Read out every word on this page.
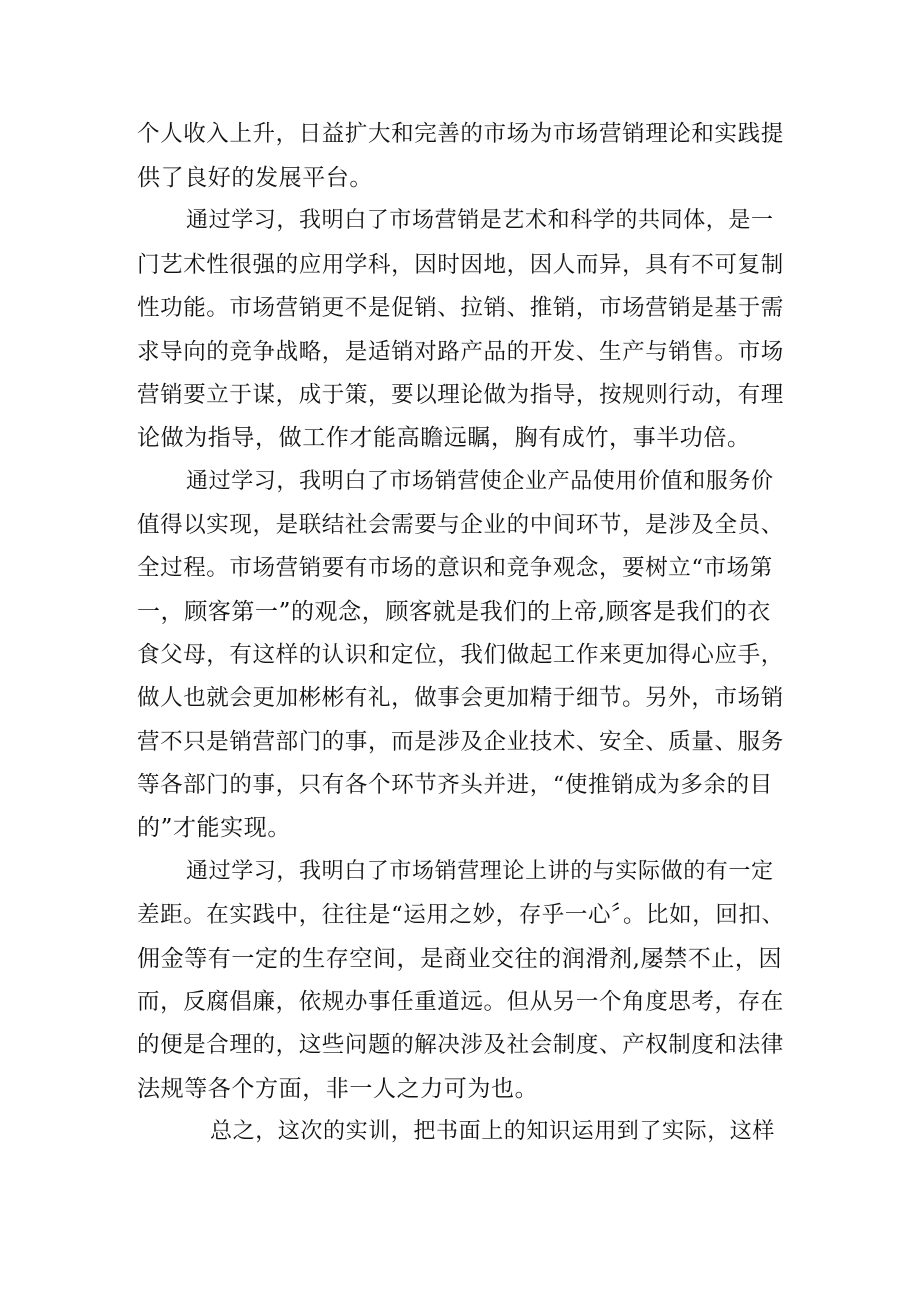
个人收入上升，日益扩大和完善的市场为市场营销理论和实践提
供了良好的发展平台。
通过学习，我明白了市场营销是艺术和科学的共同体，是一
门艺术性很强的应用学科，因时因地，因人而异，具有不可复制
性功能。市场营销更不是促销、拉销、推销，市场营销是基于需
求导向的竞争战略，是适销对路产品的开发、生产与销售。市场
营销要立于谋，成于策，要以理论做为指导，按规则行动，有理
论做为指导，做工作才能高瞻远瞩，胸有成竹，事半功倍。
通过学习，我明白了市场销营使企业产品使用价值和服务价
值得以实现，是联结社会需要与企业的中间环节，是涉及全员、
全过程。市场营销要有市场的意识和竞争观念，要树立“市场第
一，顾客第一”的观念，顾客就是我们的上帝,顾客是我们的衣
食父母，有这样的认识和定位，我们做起工作来更加得心应手，
做人也就会更加彬彬有礼，做事会更加精于细节。另外，市场销
营不只是销营部门的事，而是涉及企业技术、安全、质量、服务
等各部门的事，只有各个环节齐头并进，“使推销成为多余的目
的”才能实现。
通过学习，我明白了市场销营理论上讲的与实际做的有一定
差距。在实践中，往往是“运用之妙，存乎一心〞。比如，回扣、
佣金等有一定的生存空间，是商业交往的润滑剂,屡禁不止，因
而，反腐倡廉，依规办事任重道远。但从另一个角度思考，存在
的便是合理的，这些问题的解决涉及社会制度、产权制度和法律
法规等各个方面，非一人之力可为也。
总之，这次的实训，把书面上的知识运用到了实际，这样
